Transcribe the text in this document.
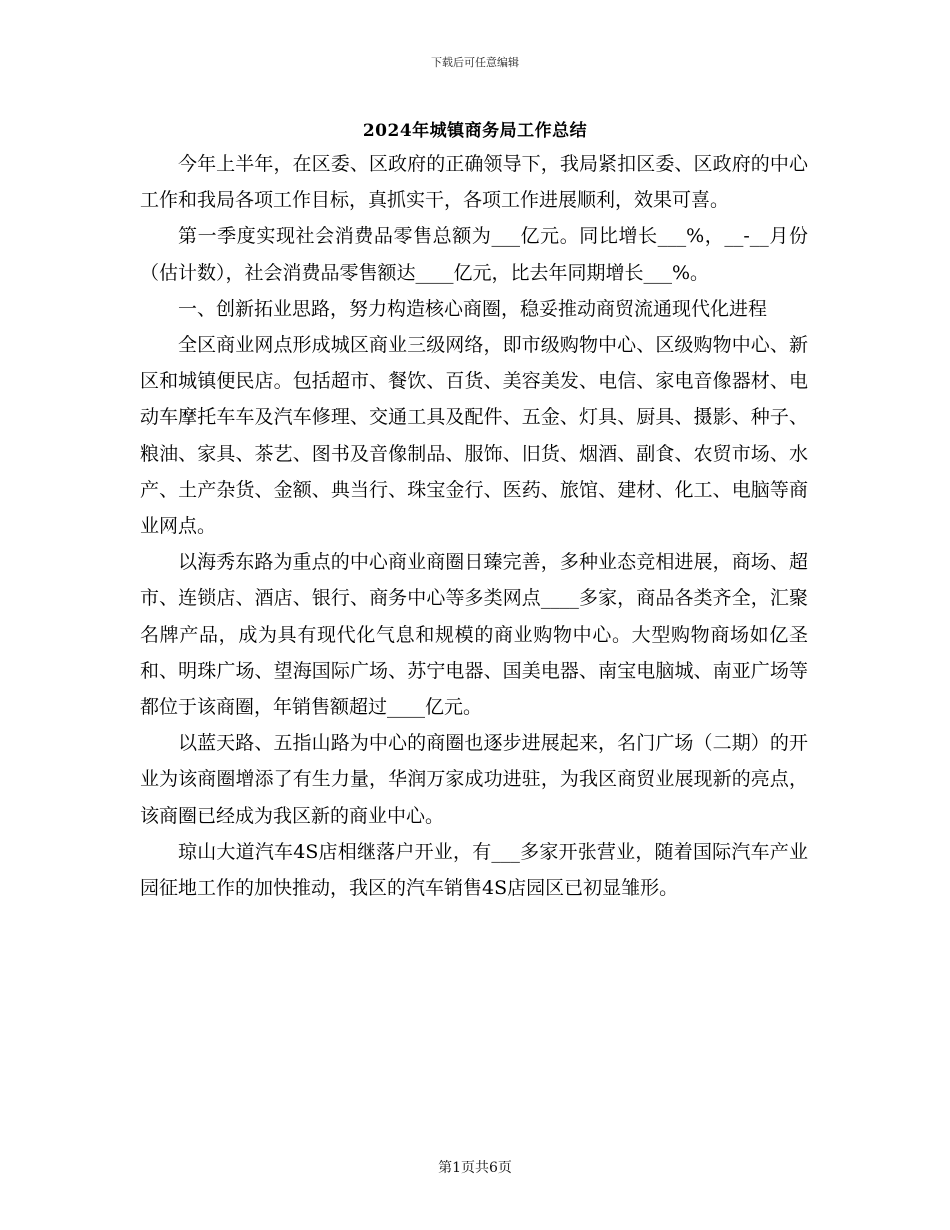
下载后可任意编辑
2024年城镇商务局工作总结

今年上半年，在区委、区政府的正确领导下，我局紧扣区委、区政府的中心工作和我局各项工作目标，真抓实干，各项工作进展顺利，效果可喜。

第一季度实现社会消费品零售总额为___亿元。同比增长___%，__-__月份（估计数），社会消费品零售额达____亿元，比去年同期增长___%。

一、创新拓业思路，努力构造核心商圈，稳妥推动商贸流通现代化进程

全区商业网点形成城区商业三级网络，即市级购物中心、区级购物中心、新区和城镇便民店。包括超市、餐饮、百货、美容美发、电信、家电音像器材、电动车摩托车车及汽车修理、交通工具及配件、五金、灯具、厨具、摄影、种子、粮油、家具、茶艺、图书及音像制品、服饰、旧货、烟酒、副食、农贸市场、水产、土产杂货、金额、典当行、珠宝金行、医药、旅馆、建材、化工、电脑等商业网点。

以海秀东路为重点的中心商业商圈日臻完善，多种业态竞相进展，商场、超市、连锁店、酒店、银行、商务中心等多类网点____多家，商品各类齐全，汇聚名牌产品，成为具有现代化气息和规模的商业购物中心。大型购物商场如亿圣和、明珠广场、望海国际广场、苏宁电器、国美电器、南宝电脑城、南亚广场等都位于该商圈，年销售额超过____亿元。

以蓝天路、五指山路为中心的商圈也逐步进展起来，名门广场（二期）的开业为该商圈增添了有生力量，华润万家成功进驻，为我区商贸业展现新的亮点，该商圈已经成为我区新的商业中心。

琼山大道汽车4S店相继落户开业，有___多家开张营业，随着国际汽车产业园征地工作的加快推动，我区的汽车销售4S店园区已初显雏形。

第1页共6页
